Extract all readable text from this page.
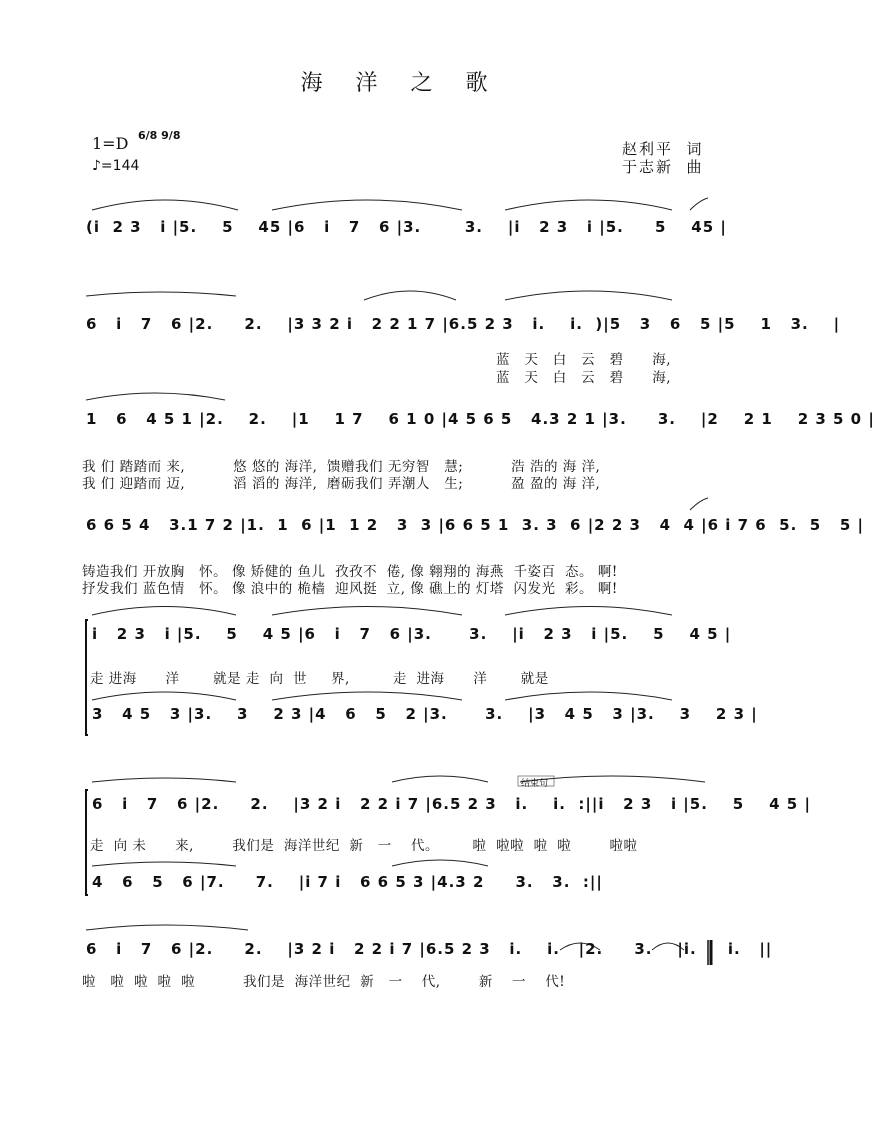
海 洋 之 歌
1=D 6/8 9/8
♪=144
赵利平  词
于志新  曲
结束句
(i  2 3   i |5.    5    45 |6   i   7   6 |3.       3.    |i   2 3   i |5.     5    45 |
6   i   7   6 |2.     2.    |3 3 2 i   2 2 1 7 |6.5 2 3   i.    i.  )|5   3   6   5 |5    1   3.    |
蓝   天   白   云   碧      海,
蓝   天   白   云   碧      海,
1   6   4 5 1 |2.    2.    |1    1 7    6 1 0 |4 5 6 5   4.3 2 1 |3.     3.    |2    2 1    2 3 5 0 |
我 们 踏踏而 来,          悠 悠的 海洋,  馈赠我们 无穷智   慧;          浩 浩的 海 洋,
我 们 迎踏而 迈,          滔 滔的 海洋,  磨砺我们 弄潮人   生;          盈 盈的 海 洋,
6 6 5 4   3.1 7 2 |1.  1  6 |1  1 2   3  3 |6 6 5 1  3. 3  6 |2 2 3   4  4 |6 i 7 6  5.  5   5 |
铸造我们 开放胸   怀。 像 矫健的 鱼儿  孜孜不  倦, 像 翱翔的 海燕  千姿百  态。 啊!
抒发我们 蓝色情   怀。 像 浪中的 桅樯  迎风挺  立, 像 礁上的 灯塔  闪发光  彩。 啊!
i   2 3   i |5.    5    4 5 |6   i   7   6 |3.      3.    |i   2 3   i |5.    5    4 5 |
走 进海      洋       就是 走  向  世     界,         走  进海      洋       就是
3   4 5   3 |3.    3    2 3 |4   6   5   2 |3.      3.    |3   4 5   3 |3.    3    2 3 |
6   i   7   6 |2.     2.    |3 2 i   2 2 i 7 |6.5 2 3   i.    i.  :||i   2 3   i |5.    5    4 5 |
走  向 未      来,        我们是  海洋世纪  新   一    代。       啦  啦啦  啦  啦        啦啦
4   6   5   6 |7.     7.    |i 7 i   6 6 5 3 |4.3 2     3.   3.  :||
6   i   7   6 |2.     2.    |3 2 i   2 2 i 7 |6.5 2 3   i.    i.   |2.     3.    |i.     i.   ||
啦   啦  啦  啦  啦          我们是  海洋世纪  新   一    代,        新    一    代!
